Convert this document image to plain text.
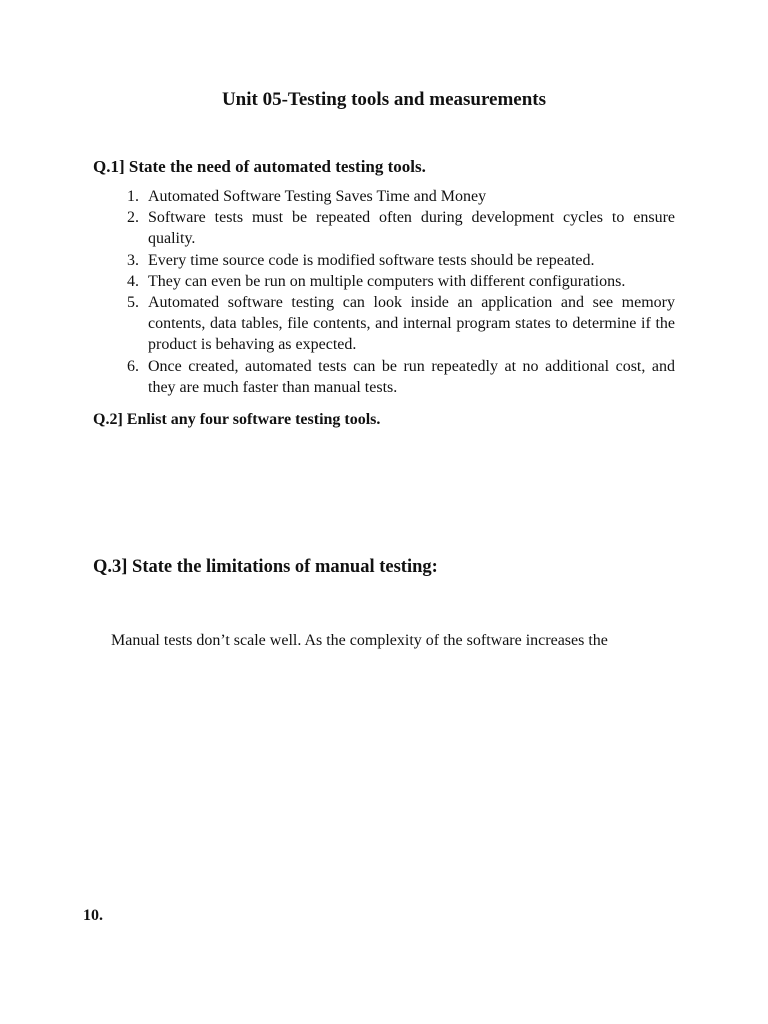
Unit 05-Testing tools and measurements
Q.1] State the need of automated testing tools.
1. Automated Software Testing Saves Time and Money
2. Software tests must be repeated often during development cycles to ensure quality.
3. Every time source code is modified software tests should be repeated.
4. They can even be run on multiple computers with different configurations.
5. Automated software testing can look inside an application and see memory contents, data tables, file contents, and internal program states to determine if the product is behaving as expected.
6. Once created, automated tests can be run repeatedly at no additional cost, and they are much faster than manual tests.
Q.2] Enlist any four software testing tools.
Q.3] State the limitations of manual testing:

Manual tests don’t scale well. As the complexity of the software increases the

10.
